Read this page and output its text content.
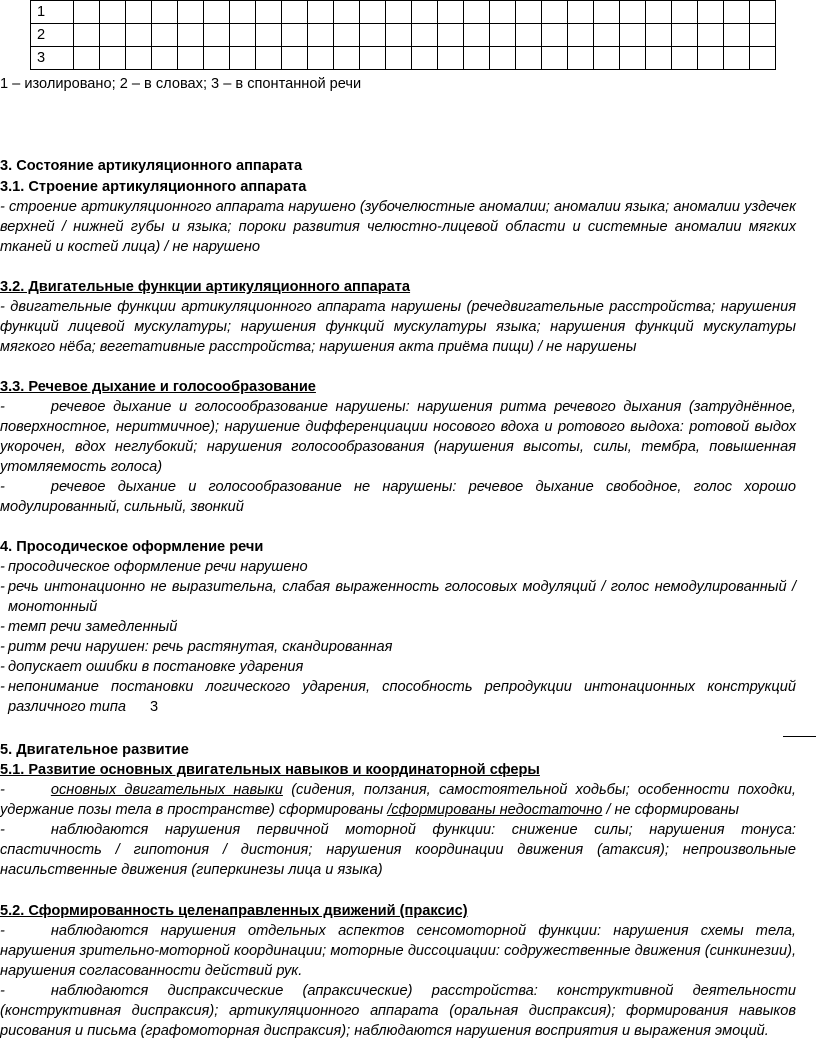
1																											
2																											
3																											
1 – изолировано; 2 – в словах; 3 – в спонтанной речи
3. Состояние артикуляционного аппарата
3.1. Строение артикуляционного аппарата
- строение артикуляционного аппарата нарушено (зубочелюстные аномалии; аномалии языка; аномалии уздечек верхней / нижней губы и языка; пороки развития челюстно-лицевой области и системные аномалии мягких тканей и костей лица) / не нарушено
3.2. Двигательные функции артикуляционного аппарата
- двигательные функции артикуляционного аппарата нарушены (речедвигательные расстройства; нарушения функций лицевой мускулатуры; нарушения функций мускулатуры языка; нарушения функций мускулатуры мягкого нёба; вегетативные расстройства; нарушения акта приёма пищи) / не нарушены
3.3. Речевое дыхание и голосообразование
-	речевое дыхание и голосообразование нарушены: нарушения ритма речевого дыхания (затруднённое, поверхностное, неритмичное); нарушение дифференциации носового вдоха и ротового выдоха: ротовой выдох укорочен, вдох неглубокий; нарушения голосообразования (нарушения высоты, силы, тембра, повышенная утомляемость голоса)
-	речевое дыхание и голосообразование не нарушены: речевое дыхание свободное, голос хорошо модулированный, сильный, звонкий
4. Просодическое оформление речи
- просодическое оформление речи нарушено
- речь интонационно не выразительна, слабая выраженность голосовых модуляций / голос немодулированный / монотонный
- темп речи замедленный
- ритм речи нарушен: речь растянутая, скандированная
- допускает ошибки в постановке ударения
- непонимание постановки логического ударения, способность репродукции интонационных конструкций различного типа 3
5. Двигательное развитие
5.1. Развитие основных двигательных навыков и координаторной сферы
-	основных двигательных навыки (сидения, ползания, самостоятельной ходьбы; особенности походки, удержание позы тела в пространстве) сформированы /сформированы недостаточно / не сформированы
-	наблюдаются нарушения первичной моторной функции: снижение силы; нарушения тонуса: спастичность / гипотония / дистония; нарушения координации движения (атаксия); непроизвольные насильственные движения (гиперкинезы лица и языка)
5.2. Сформированность целенаправленных движений (праксис)
-	наблюдаются нарушения отдельных аспектов сенсомоторной функции: нарушения схемы тела, нарушения зрительно-моторной координации; моторные диссоциации: содружественные движения (синкинезии), нарушения согласованности действий рук.
-	наблюдаются диспраксические (апраксические) расстройства: конструктивной деятельности (конструктивная диспраксия); артикуляционного аппарата (оральная диспраксия); формирования навыков рисования и письма (графомоторная диспраксия); наблюдаются нарушения восприятия и выражения эмоций.
